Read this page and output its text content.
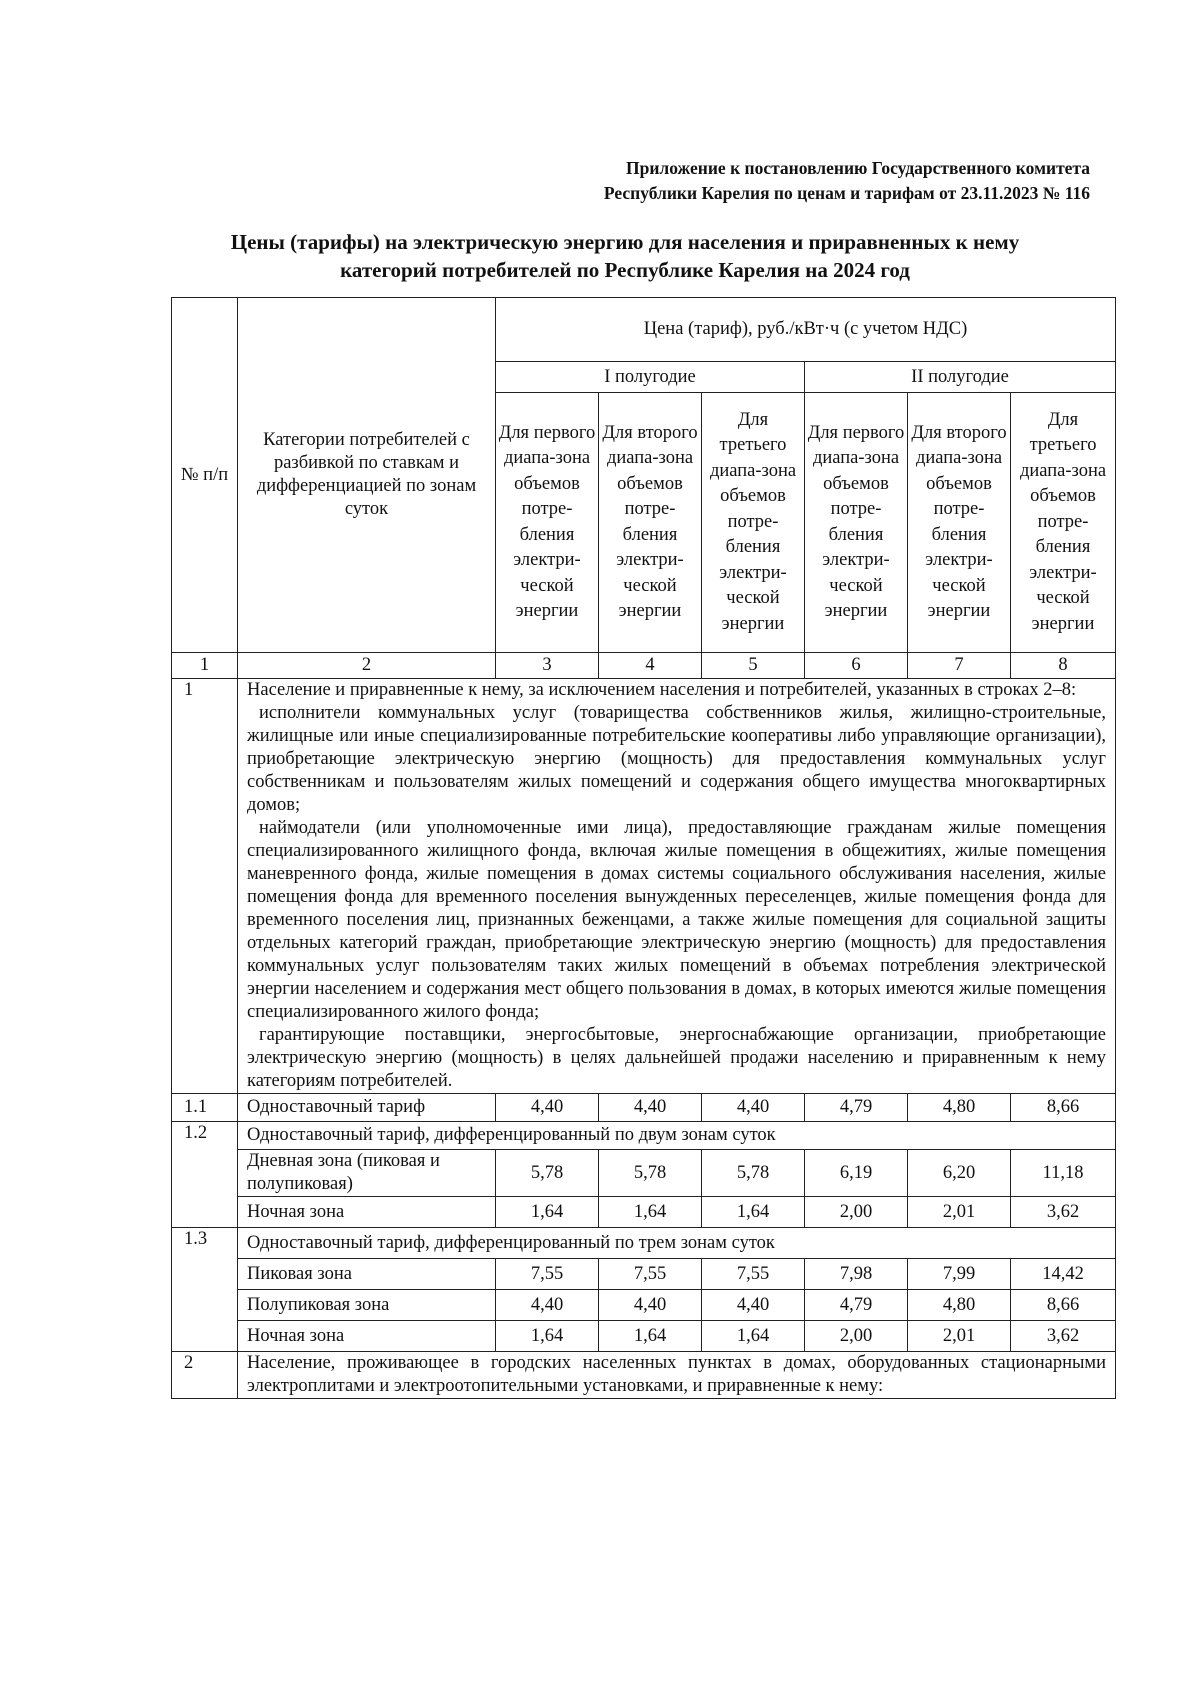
Приложение к постановлению Государственного комитета
Республики Карелия по ценам и тарифам от 23.11.2023 № 116
Цены (тарифы) на электрическую энергию для населения и приравненных к нему
категорий потребителей по Республике Карелия на 2024 год
№ п/п	Категории потребителей с разбивкой по ставкам и дифференциацией по зонам суток	Цена (тариф), руб./кВт·ч (с учетом НДС)					
		I полугодие			II полугодие		
		Для первого диапа-зона объемов потре-бления электри-ческой энергии	Для второго диапа-зона объемов потре-бления электри-ческой энергии	Для третьего диапа-зона объемов потре-бления электри-ческой энергии	Для первого диапа-зона объемов потре-бления электри-ческой энергии	Для второго диапа-зона объемов потре-бления электри-ческой энергии	Для третьего диапа-зона объемов потре-бления электри-ческой энергии
1	2	3	4	5	6	7	8
1	Население и приравненные к нему, за исключением населения и потребителей, указанных в строках 2–8:
исполнители коммунальных услуг (товарищества собственников жилья, жилищно-строительные, жилищные или иные специализированные потребительские кооперативы либо управляющие организации), приобретающие электрическую энергию (мощность) для предоставления коммунальных услуг собственникам и пользователям жилых помещений и содержания общего имущества многоквартирных домов;
наймодатели (или уполномоченные ими лица), предоставляющие гражданам жилые помещения специализированного жилищного фонда, включая жилые помещения в общежитиях, жилые помещения маневренного фонда, жилые помещения в домах системы социального обслуживания населения, жилые помещения фонда для временного поселения вынужденных переселенцев, жилые помещения фонда для временного поселения лиц, признанных беженцами, а также жилые помещения для социальной защиты отдельных категорий граждан, приобретающие электрическую энергию (мощность) для предоставления коммунальных услуг пользователям таких жилых помещений в объемах потребления электрической энергии населением и содержания мест общего пользования в домах, в которых имеются жилые помещения специализированного жилого фонда;
гарантирующие поставщики, энергосбытовые, энергоснабжающие организации, приобретающие электрическую энергию (мощность) в целях дальнейшей продажи населению и приравненным к нему категориям потребителей.						

1.1	Одноставочный тариф	4,40	4,40	4,40	4,79	4,80	8,66
1.2	Одноставочный тариф, дифференцированный по двум зонам суток						
	Дневная зона (пиковая и полупиковая)	5,78	5,78	5,78	6,19	6,20	11,18
	Ночная зона	1,64	1,64	1,64	2,00	2,01	3,62
1.3	Одноставочный тариф, дифференцированный по трем зонам суток						
	Пиковая зона	7,55	7,55	7,55	7,98	7,99	14,42
	Полупиковая зона	4,40	4,40	4,40	4,79	4,80	8,66
	Ночная зона	1,64	1,64	1,64	2,00	2,01	3,62
2	Население, проживающее в городских населенных пунктах в домах, оборудованных стационарными электроплитами и электроотопительными установками, и приравненные к нему:						
